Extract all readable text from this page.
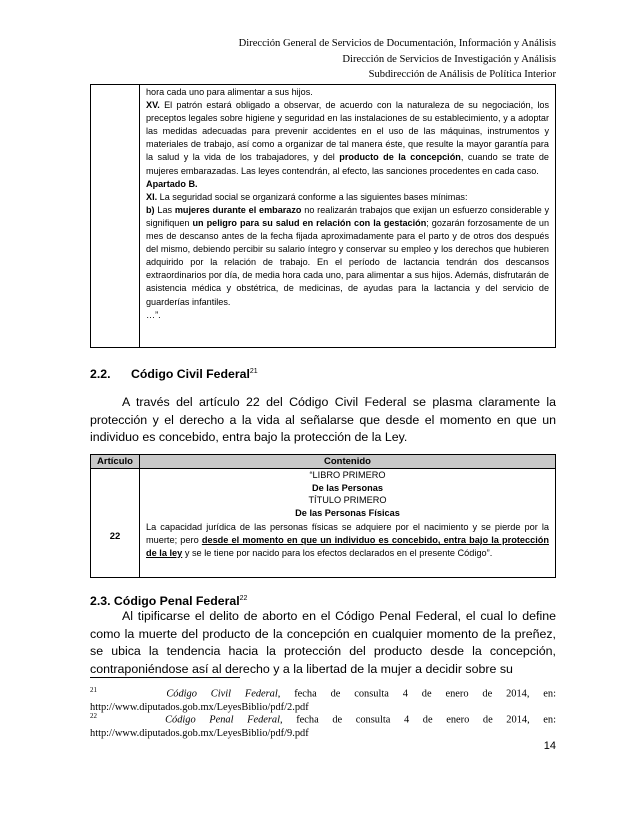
Dirección General de Servicios de Documentación, Información y Análisis
Dirección de Servicios de Investigación y Análisis
Subdirección de Análisis de Política Interior

hora cada uno para alimentar a sus hijos.

XV. El patrón estará obligado a observar, de acuerdo con la naturaleza de su negociación, los preceptos legales sobre higiene y seguridad en las instalaciones de su establecimiento, y a adoptar las medidas adecuadas para prevenir accidentes en el uso de las máquinas, instrumentos y materiales de trabajo, así como a organizar de tal manera éste, que resulte la mayor garantía para la salud y la vida de los trabajadores, y del producto de la concepción, cuando se trate de mujeres embarazadas. Las leyes contendrán, al efecto, las sanciones procedentes en cada caso.

Apartado B.

XI. La seguridad social se organizará conforme a las siguientes bases mínimas:

b) Las mujeres durante el embarazo no realizarán trabajos que exijan un esfuerzo considerable y signifiquen un peligro para su salud en relación con la gestación; gozarán forzosamente de un mes de descanso antes de la fecha fijada aproximadamente para el parto y de otros dos después del mismo, debiendo percibir su salario íntegro y conservar su empleo y los derechos que hubieren adquirido por la relación de trabajo. En el período de lactancia tendrán dos descansos extraordinarios por día, de media hora cada uno, para alimentar a sus hijos. Además, disfrutarán de asistencia médica y obstétrica, de medicinas, de ayudas para la lactancia y del servicio de guarderías infantiles.

…”.

2.2. Código Civil Federal$^{21}$

A través del artículo 22 del Código Civil Federal se plasma claramente la protección y el derecho a la vida al señalarse que desde el momento en que un individuo es concebido, entra bajo la protección de la Ley.

Artículo	Contenido
22

“LIBRO PRIMERO

De las Personas

TÍTULO PRIMERO

De las Personas Físicas

La capacidad jurídica de las personas físicas se adquiere por el nacimiento y se pierde por la muerte; pero desde el momento en que un individuo es concebido, entra bajo la protección de la ley y se le tiene por nacido para los efectos declarados en el presente Código”.

2.3. Código Penal Federal$^{22}$

Al tipificarse el delito de aborto en el Código Penal Federal, el cual lo define como la muerte del producto de la concepción en cualquier momento de la preñez, se ubica la tendencia hacia la protección del producto desde la concepción, contraponiéndose así al derecho y a la libertad de la mujer a decidir sobre su

$^{21}$	Código Civil Federal, fecha de consulta 4 de enero de 2014, en:
http://www.diputados.gob.mx/LeyesBiblio/pdf/2.pdf
$^{22}$	Código Penal Federal, fecha de consulta 4 de enero de 2014, en:
http://www.diputados.gob.mx/LeyesBiblio/pdf/9.pdf
14
